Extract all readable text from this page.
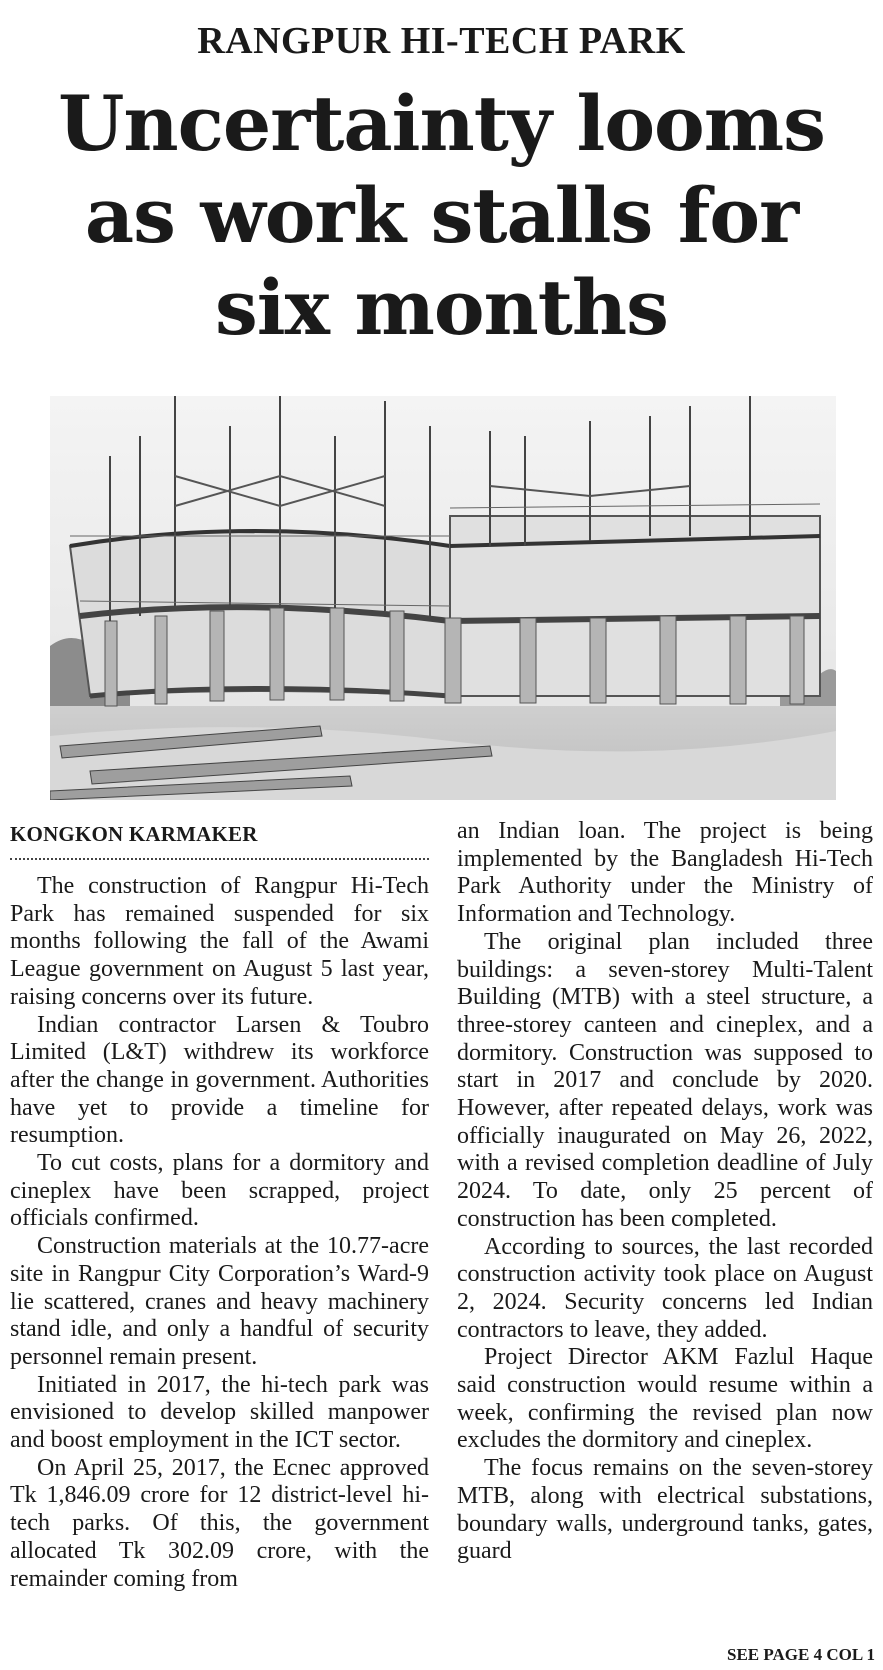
RANGPUR HI-TECH PARK
Uncertainty looms
as work stalls for
six months
KONGKON KARMAKER

The construction of Rangpur Hi-Tech Park has remained suspended for six months following the fall of the Awami League government on August 5 last year, raising concerns over its future.

Indian contractor Larsen & Toubro Limited (L&T) withdrew its workforce after the change in government. Authorities have yet to provide a timeline for resumption.

To cut costs, plans for a dormitory and cineplex have been scrapped, project officials confirmed.

Construction materials at the 10.77-acre site in Rangpur City Corporation’s Ward-9 lie scattered, cranes and heavy machinery stand idle, and only a handful of security personnel remain present.

Initiated in 2017, the hi-tech park was envisioned to develop skilled manpower and boost employment in the ICT sector.

On April 25, 2017, the Ecnec approved Tk 1,846.09 crore for 12 district-level hi-tech parks. Of this, the government allocated Tk 302.09 crore, with the remainder coming from

an Indian loan. The project is being implemented by the Bangladesh Hi-Tech Park Authority under the Ministry of Information and Technology.

The original plan included three buildings: a seven-storey Multi-Talent Building (MTB) with a steel structure, a three-storey canteen and cineplex, and a dormitory. Construction was supposed to start in 2017 and conclude by 2020. However, after repeated delays, work was officially inaugurated on May 26, 2022, with a revised completion deadline of July 2024. To date, only 25 percent of construction has been completed.

According to sources, the last recorded construction activity took place on August 2, 2024. Security concerns led Indian contractors to leave, they added.

Project Director AKM Fazlul Haque said construction would resume within a week, confirming the revised plan now excludes the dormitory and cineplex.

The focus remains on the seven-storey MTB, along with electrical substations, boundary walls, underground tanks, gates, guard

SEE PAGE 4 COL 1
